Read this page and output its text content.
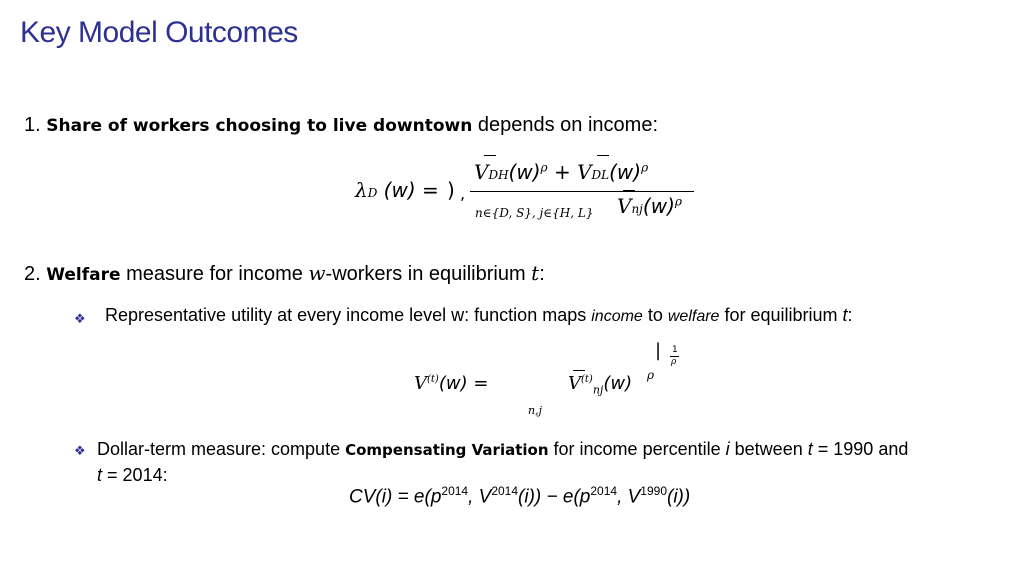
Key Model Outcomes
1. Share of workers choosing to live downtown depends on income:
λD (w) = ) ,
$VDH(w)^\rho + VDL(w)^\rho$
n∈{D, S}, j∈{H, L} $Vnj(w)^\rho$
2. Welfare measure for income w-workers in equilibrium t:
❖ Representative utility at every income level w: function maps income to welfare for equilibrium t:
$V^{(t)}(w)$ =	$V^{(t)}_{nj}(w)$ ρ
| 1
ρ
n,j
❖ Dollar-term measure: compute Compensating Variation for income percentile i between t = 1990 and
t = 2014:
$CV(i) = e(p^{2014}$, $V^{2014}(i)) - e(p^{2014}$, $V^{1990}(i)$)
